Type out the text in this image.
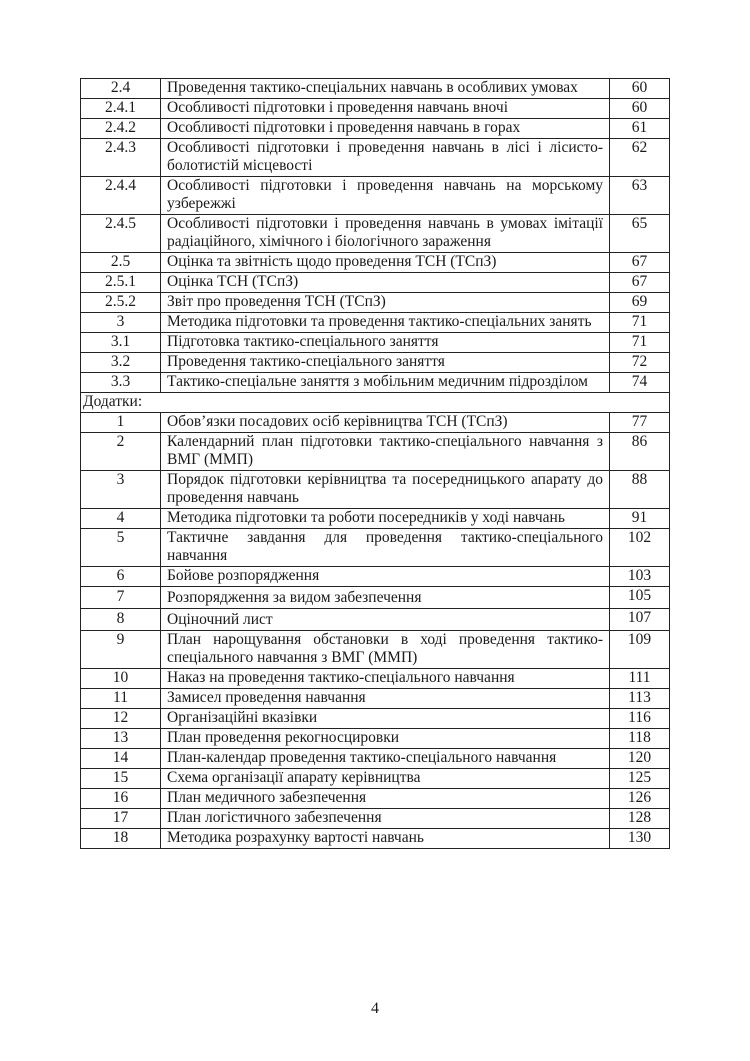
2.4	Проведення тактико-спеціальних навчань в особливих умовах	60
2.4.1	Особливості підготовки і проведення навчань вночі	60
2.4.2	Особливості підготовки і проведення навчань в горах	61
2.4.3	Особливості підготовки і проведення навчань в лісі і лісисто-болотистій місцевості	62
2.4.4	Особливості підготовки і проведення навчань на морському узбережжі	63
2.4.5	Особливості підготовки і проведення навчань в умовах імітації радіаційного, хімічного і біологічного зараження	65
2.5	Оцінка та звітність щодо проведення ТСН (ТСпЗ)	67
2.5.1	Оцінка ТСН (ТСпЗ)	67
2.5.2	Звіт про проведення ТСН (ТСпЗ)	69
3	Методика підготовки та проведення тактико-спеціальних занять	71
3.1	Підготовка тактико-спеціального заняття	71
3.2	Проведення тактико-спеціального заняття	72
3.3	Тактико-спеціальне заняття з мобільним медичним підрозділом	74
Додатки:		
1	Обов’язки посадових осіб керівництва ТСН (ТСпЗ)	77
2	Календарний план підготовки тактико-спеціального навчання з ВМГ (ММП)	86
3	Порядок підготовки керівництва та посередницького апарату до проведення навчань	88
4	Методика підготовки та роботи посередників у ході навчань	91
5	Тактичне завдання для проведення тактико-спеціального навчання	102
6	Бойове розпорядження	103
7	Розпорядження за видом забезпечення	105
8	Оціночний лист	107
9	План нарощування обстановки в ході проведення тактико-спеціального навчання з ВМГ (ММП)	109
10	Наказ на проведення тактико-спеціального навчання	111
11	Замисел проведення навчання	113
12	Організаційні вказівки	116
13	План проведення рекогносцировки	118
14	План-календар проведення тактико-спеціального навчання	120
15	Схема організації апарату керівництва	125
16	План медичного забезпечення	126
17	План логістичного забезпечення	128
18	Методика розрахунку вартості навчань	130
4
